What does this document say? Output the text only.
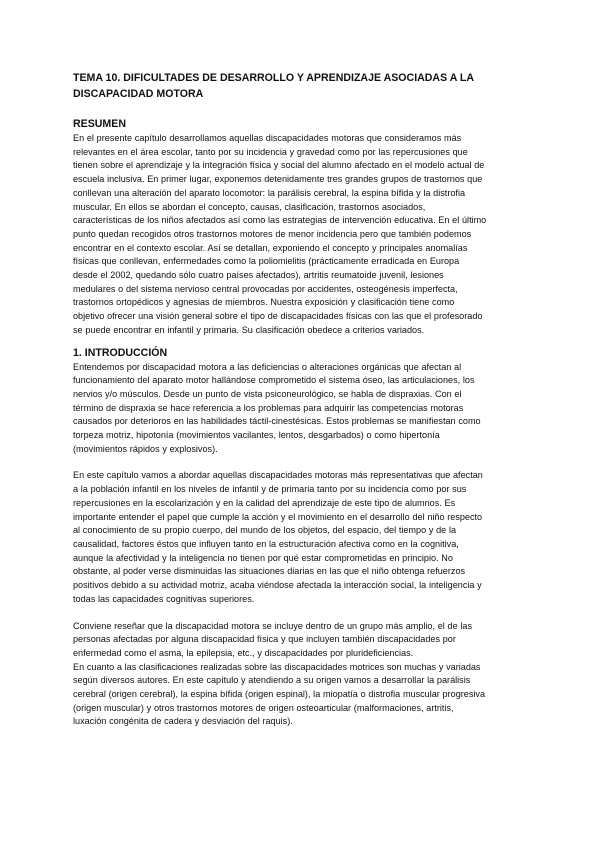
TEMA 10. DIFICULTADES DE DESARROLLO Y APRENDIZAJE ASOCIADAS A LA
DISCAPACIDAD MOTORA
RESUMEN
En el presente capítulo desarrollamos aquellas discapacidades motoras que consideramos más
relevantes en el área escolar, tanto por su incidencia y gravedad como por las repercusiones que
tienen sobre el aprendizaje y la integración física y social del alumno afectado en el modelo actual de
escuela inclusiva. En primer lugar, exponemos detenidamente tres grandes grupos de trastornos que
conllevan una alteración del aparato locomotor: la parálisis cerebral, la espina bífida y la distrofia
muscular. En ellos se abordan el concepto, causas, clasificación, trastornos asociados,
características de los niños afectados así como las estrategias de intervención educativa. En el último
punto quedan recogidos otros trastornos motores de menor incidencia pero que también podemos
encontrar en el contexto escolar. Así se detallan, exponiendo el concepto y principales anomalías
físicas que conllevan, enfermedades como la poliomielitis (prácticamente erradicada en Europa
desde el 2002, quedando sólo cuatro países afectados), artritis reumatoide juvenil, lesiones
medulares o del sistema nervioso central provocadas por accidentes, osteogénesis imperfecta,
trastornos ortopédicos y agnesias de miembros. Nuestra exposición y clasificación tiene como
objetivo ofrecer una visión general sobre el tipo de discapacidades físicas con las que el profesorado
se puede encontrar en infantil y primaria. Su clasificación obedece a criterios variados.
1. INTRODUCCIÓN
Entendemos por discapacidad motora a las deficiencias o alteraciones orgánicas que afectan al
funcionamiento del aparato motor hallándose comprometido el sistema óseo, las articulaciones, los
nervios y/o músculos. Desde un punto de vista psiconeurológico, se habla de dispraxias. Con el
término de dispraxia se hace referencia a los problemas para adquirir las competencias motoras
causados por deterioros en las habilidades táctil-cinestésicas. Estos problemas se manifiestan como
torpeza motriz, hipotonía (movimientos vacilantes, lentos, desgarbados) o como hipertonía
(movimientos rápidos y explosivos).
En este capítulo vamos a abordar aquellas discapacidades motoras más representativas que afectan
a la población infantil en los niveles de infantil y de primaria tanto por su incidencia como por sus
repercusiones en la escolarización y en la calidad del aprendizaje de este tipo de alumnos. Es
importante entender el papel que cumple la acción y el movimiento en el desarrollo del niño respecto
al conocimiento de su propio cuerpo, del mundo de los objetos, del espacio, del tiempo y de la
causalidad, factores éstos que influyen tanto en la estructuración afectiva como en la cognitiva,
aunque la afectividad y la inteligencia no tienen por qué estar comprometidas en principio. No
obstante, al poder verse disminuidas las situaciones diarias en las que el niño obtenga refuerzos
positivos debido a su actividad motriz, acaba viéndose afectada la interacción social, la inteligencia y
todas las capacidades cognitivas superiores.
Conviene reseñar que la discapacidad motora se incluye dentro de un grupo más amplio, el de las
personas afectadas por alguna discapacidad física y que incluyen también discapacidades por
enfermedad como el asma, la epilepsia, etc., y discapacidades por plurideficiencias.
En cuanto a las clasificaciones realizadas sobre las discapacidades motrices son muchas y variadas
según diversos autores. En este capítulo y atendiendo a su origen vamos a desarrollar la parálisis
cerebral (origen cerebral), la espina bífida (origen espinal), la miopatía o distrofia muscular progresiva
(origen muscular) y otros trastornos motores de origen osteoarticular (malformaciones, artritis,
luxación congénita de cadera y desviación del raquis).
